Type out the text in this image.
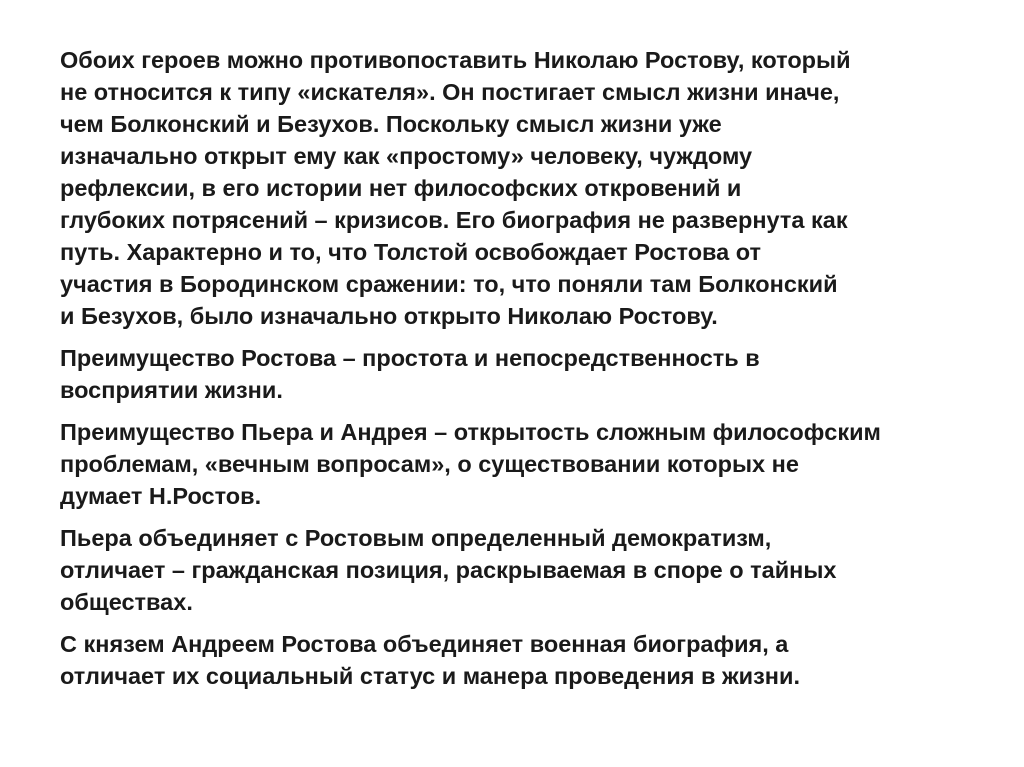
Обоих героев можно противопоставить Николаю Ростову, который
не относится к типу «искателя». Он постигает смысл жизни иначе,
чем Болконский и Безухов. Поскольку смысл жизни уже
изначально открыт ему как «простому» человеку, чуждому
рефлексии, в его истории нет философских откровений и
глубоких потрясений – кризисов. Его биография не развернута как
путь. Характерно и то, что Толстой освобождает Ростова от
участия в Бородинском сражении: то, что поняли там Болконский
и Безухов, было изначально открыто Николаю Ростову.

Преимущество Ростова – простота и непосредственность в
восприятии жизни.

Преимущество Пьера и Андрея – открытость сложным философским
проблемам, «вечным вопросам», о существовании которых не
думает Н.Ростов.

Пьера объединяет с Ростовым определенный демократизм,
отличает – гражданская позиция, раскрываемая в споре о тайных
обществах.

С князем Андреем Ростова объединяет военная биография, а
отличает их социальный статус и манера проведения в жизни.
